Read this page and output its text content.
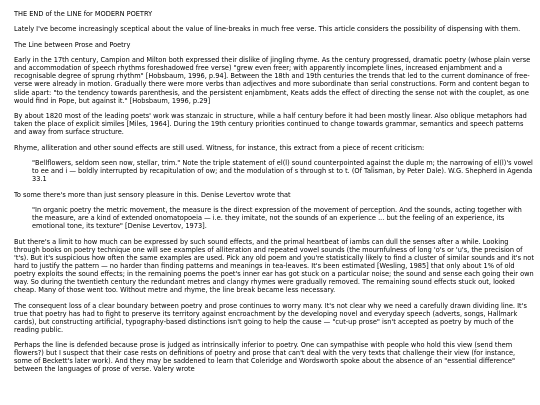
THE END of the LINE for MODERN POETRY

Lately I've become increasingly sceptical about the value of line-breaks in much free verse. This article considers the possibility of dispensing with them.

The Line between Prose and Poetry

Early in the 17th century, Campion and Milton both expressed their dislike of jingling rhyme. As the century progressed, dramatic poetry (whose plain verse and accommodation of speech rhythms foreshadowed free verse) "grew even freer; with apparently incomplete lines, increased enjambment and a recognisable degree of sprung rhythm" [Hobsbaum, 1996, p.94]. Between the 18th and 19th centuries the trends that led to the current dominance of free-verse were already in motion. Gradually there were more verbs than adjectives and more subordinate than serial constructions. Form and content began to slide apart: "to the tendency towards parenthesis, and the persistent enjambment, Keats adds the effect of directing the sense not with the couplet, as one would find in Pope, but against it." [Hobsbaum, 1996, p.29]

By about 1820 most of the leading poets' work was stanzaic in structure, while a half century before it had been mostly linear. Also oblique metaphors had taken the place of explicit similes [Miles, 1964]. During the 19th century priorities continued to change towards grammar, semantics and speech patterns and away from surface structure.

Rhyme, alliteration and other sound effects are still used. Witness, for instance, this extract from a piece of recent criticism:

"Bellflowers, seldom seen now, stellar, trim." Note the triple statement of el(l) sound counterpointed against the duple m; the narrowing of el(l)'s vowel to ee and i — boldly interrupted by recapitulation of ow; and the modulation of s through st to t. (Of Talisman, by Peter Dale). W.G. Shepherd in Agenda 33.1

To some there's more than just sensory pleasure in this. Denise Levertov wrote that

"In organic poetry the metric movement, the measure is the direct expression of the movement of perception. And the sounds, acting together with the measure, are a kind of extended onomatopoeia — i.e. they imitate, not the sounds of an experience ... but the feeling of an experience, its emotional tone, its texture" [Denise Levertov, 1973].

But there's a limit to how much can be expressed by such sound effects, and the primal heartbeat of iambs can dull the senses after a while. Looking through books on poetry technique one will see examples of alliteration and repeated vowel sounds (the mournfulness of long 'o's or 'u's, the precision of 't's). But it's suspicious how often the same examples are used. Pick any old poem and you're statistically likely to find a cluster of similar sounds and it's not hard to justify the pattern — no harder than finding patterns and meanings in tea-leaves. It's been estimated [Wesling, 1985] that only about 1% of old poetry exploits the sound effects; in the remaining poems the poet's inner ear has got stuck on a particular noise; the sound and sense each going their own way. So during the twentieth century the redundant metres and clangy rhymes were gradually removed. The remaining sound effects stuck out, looked cheap. Many of those went too. Without metre and rhyme, the line break became less necessary.

The consequent loss of a clear boundary between poetry and prose continues to worry many. It's not clear why we need a carefully drawn dividing line. It's true that poetry has had to fight to preserve its territory against encroachment by the developing novel and everyday speech (adverts, songs, Hallmark cards), but constructing artificial, typography-based distinctions isn't going to help the cause — "cut-up prose" isn't accepted as poetry by much of the reading public.

Perhaps the line is defended because prose is judged as intrinsically inferior to poetry. One can sympathise with people who hold this view (send them flowers?) but I suspect that their case rests on definitions of poetry and prose that can't deal with the very texts that challenge their view (for instance, some of Beckett's later work). And they may be saddened to learn that Coleridge and Wordsworth spoke about the absence of an "essential difference" between the languages of prose of verse. Valery wrote
